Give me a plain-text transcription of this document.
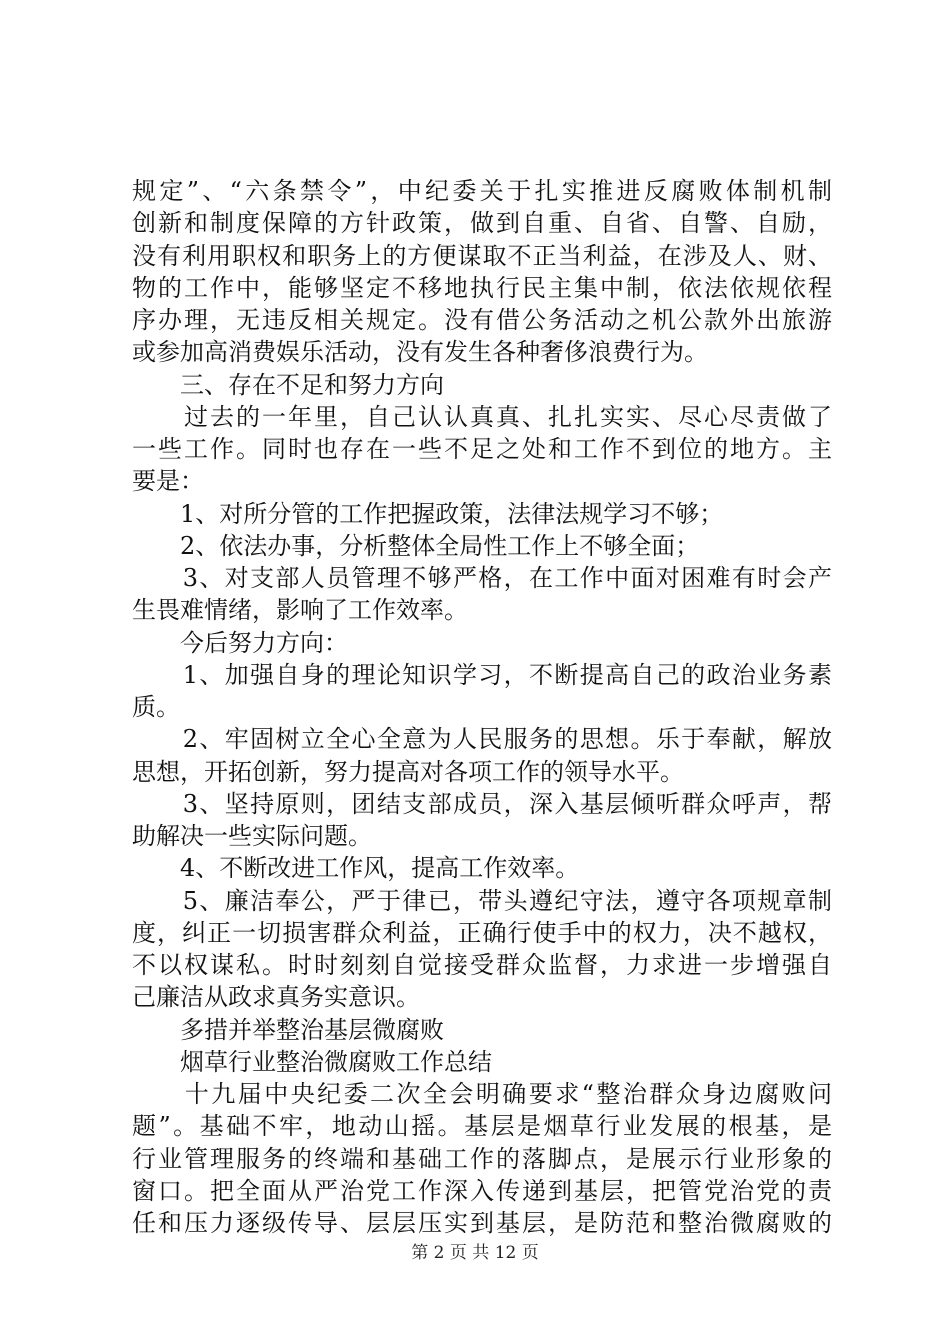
规定”、“六条禁令”，中纪委关于扎实推进反腐败体制机制
创新和制度保障的方针政策，做到自重、自省、自警、自励，
没有利用职权和职务上的方便谋取不正当利益，在涉及人、财、
物的工作中，能够坚定不移地执行民主集中制，依法依规依程
序办理，无违反相关规定。没有借公务活动之机公款外出旅游
或参加高消费娱乐活动，没有发生各种奢侈浪费行为。
　　三、存在不足和努力方向
　　过去的一年里，自己认认真真、扎扎实实、尽心尽责做了
一些工作。同时也存在一些不足之处和工作不到位的地方。主
要是：
　　1、对所分管的工作把握政策，法律法规学习不够；
　　2、依法办事，分析整体全局性工作上不够全面；
　　3、对支部人员管理不够严格，在工作中面对困难有时会产
生畏难情绪，影响了工作效率。
　　今后努力方向：
　　1、加强自身的理论知识学习，不断提高自己的政治业务素
质。
　　2、牢固树立全心全意为人民服务的思想。乐于奉献，解放
思想，开拓创新，努力提高对各项工作的领导水平。
　　3、坚持原则，团结支部成员，深入基层倾听群众呼声，帮
助解决一些实际问题。
　　4、不断改进工作风，提高工作效率。
　　5、廉洁奉公，严于律已，带头遵纪守法，遵守各项规章制
度，纠正一切损害群众利益，正确行使手中的权力，决不越权，
不以权谋私。时时刻刻自觉接受群众监督，力求进一步增强自
己廉洁从政求真务实意识。
　　多措并举整治基层微腐败
　　烟草行业整治微腐败工作总结
　　十九届中央纪委二次全会明确要求“整治群众身边腐败问
题”。基础不牢，地动山摇。基层是烟草行业发展的根基，是
行业管理服务的终端和基础工作的落脚点，是展示行业形象的
窗口。把全面从严治党工作深入传递到基层，把管党治党的责
任和压力逐级传导、层层压实到基层，是防范和整治微腐败的
第 2 页 共 12 页
